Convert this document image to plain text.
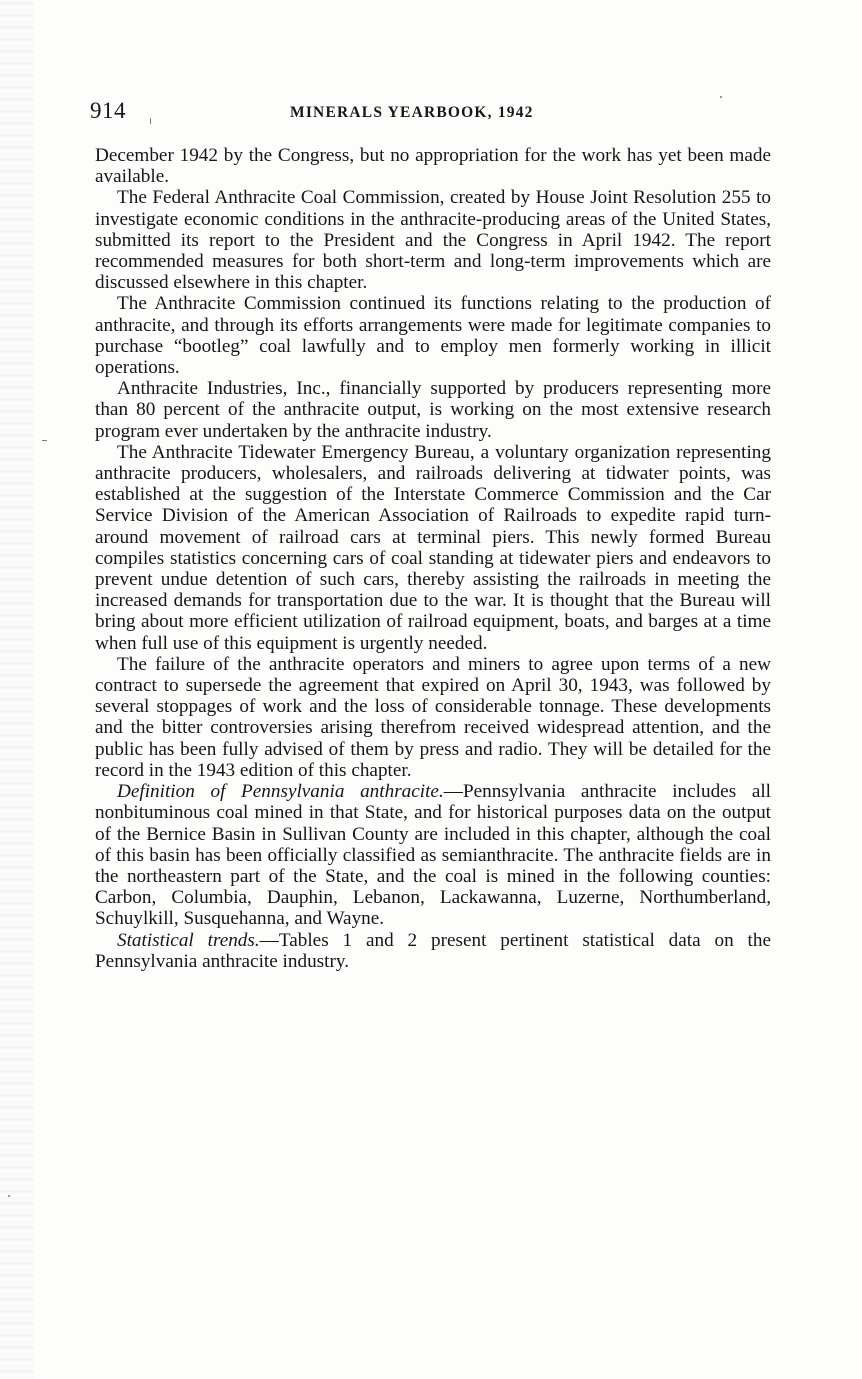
914	MINERALS YEARBOOK, 1942

December 1942 by the Congress, but no appropriation for the work has yet been made available.

The Federal Anthracite Coal Commission, created by House Joint Resolution 255 to investigate economic conditions in the anthracite-producing areas of the United States, submitted its report to the President and the Congress in April 1942. The report recommended measures for both short-term and long-term improvements which are discussed elsewhere in this chapter.

The Anthracite Commission continued its functions relating to the production of anthracite, and through its efforts arrangements were made for legitimate companies to purchase “bootleg” coal lawfully and to employ men formerly working in illicit operations.

Anthracite Industries, Inc., financially supported by producers representing more than 80 percent of the anthracite output, is working on the most extensive research program ever undertaken by the anthracite industry.

The Anthracite Tidewater Emergency Bureau, a voluntary organization representing anthracite producers, wholesalers, and railroads delivering at tidwater points, was established at the suggestion of the Interstate Commerce Commission and the Car Service Division of the American Association of Railroads to expedite rapid turn-around movement of railroad cars at terminal piers. This newly formed Bureau compiles statistics concerning cars of coal standing at tidewater piers and endeavors to prevent undue detention of such cars, thereby assisting the railroads in meeting the increased demands for transportation due to the war. It is thought that the Bureau will bring about more efficient utilization of railroad equipment, boats, and barges at a time when full use of this equipment is urgently needed.

The failure of the anthracite operators and miners to agree upon terms of a new contract to supersede the agreement that expired on April 30, 1943, was followed by several stoppages of work and the loss of considerable tonnage. These developments and the bitter controversies arising therefrom received widespread attention, and the public has been fully advised of them by press and radio. They will be detailed for the record in the 1943 edition of this chapter.

Definition of Pennsylvania anthracite.—Pennsylvania anthracite includes all nonbituminous coal mined in that State, and for historical purposes data on the output of the Bernice Basin in Sullivan County are included in this chapter, although the coal of this basin has been officially classified as semianthracite. The anthracite fields are in the northeastern part of the State, and the coal is mined in the following counties: Carbon, Columbia, Dauphin, Lebanon, Lackawanna, Luzerne, Northumberland, Schuylkill, Susquehanna, and Wayne.

Statistical trends.—Tables 1 and 2 present pertinent statistical data on the Pennsylvania anthracite industry.
